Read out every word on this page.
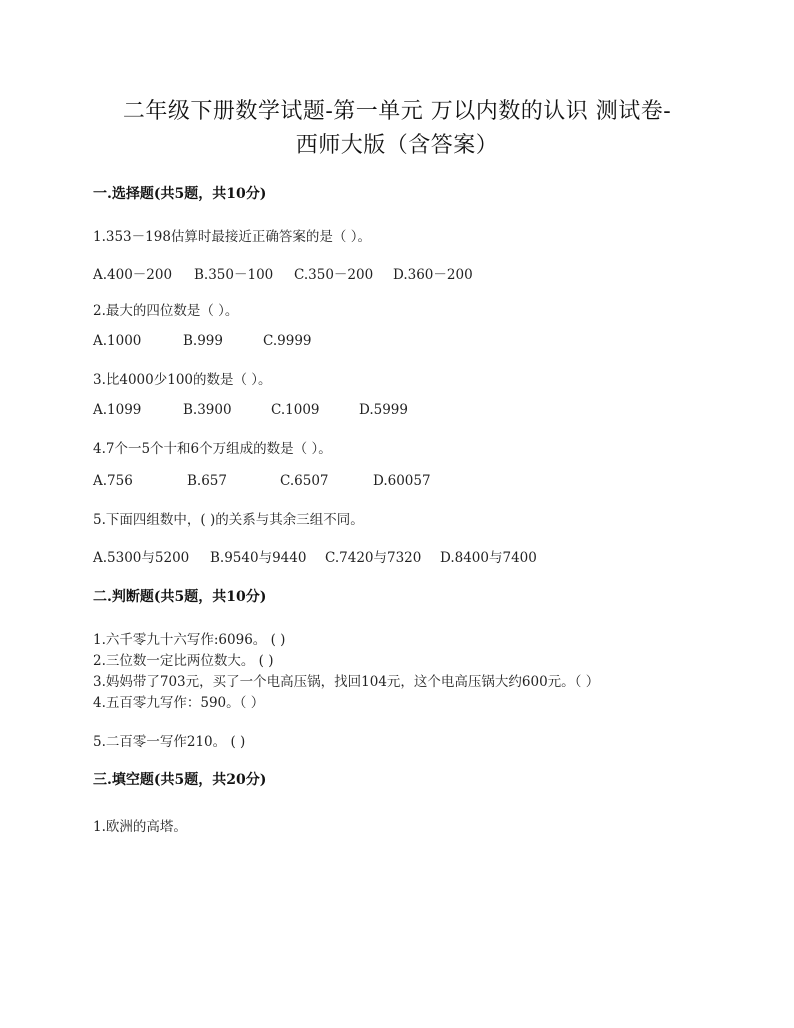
二年级下册数学试题-第一单元 万以内数的认识 测试卷-
西师大版（含答案）
一.选择题(共5题，共10分)
1.353－198估算时最接近正确答案的是（ ）。
A.400－200 B.350－100 C.350－200 D.360－200
2.最大的四位数是（ ）。
A.1000	B.999	C.9999
3.比4000少100的数是（ ）。
A.1099	B.3900	C.1009	D.5999
4.7个一5个十和6个万组成的数是（ ）。
A.756	B.657	C.6507	D.60057
5.下面四组数中，( )的关系与其余三组不同。
A.5300与5200 B.9540与9440 C.7420与7320 D.8400与7400
二.判断题(共5题，共10分)
1.六千零九十六写作:6096。 ( )
2.三位数一定比两位数大。 ( )
3.妈妈带了703元，买了一个电高压锅，找回104元，这个电高压锅大约600元。（ ）
4.五百零九写作：590。（ ）
5.二百零一写作210。 ( )
三.填空题(共5题，共20分)
1.欧洲的高塔。
